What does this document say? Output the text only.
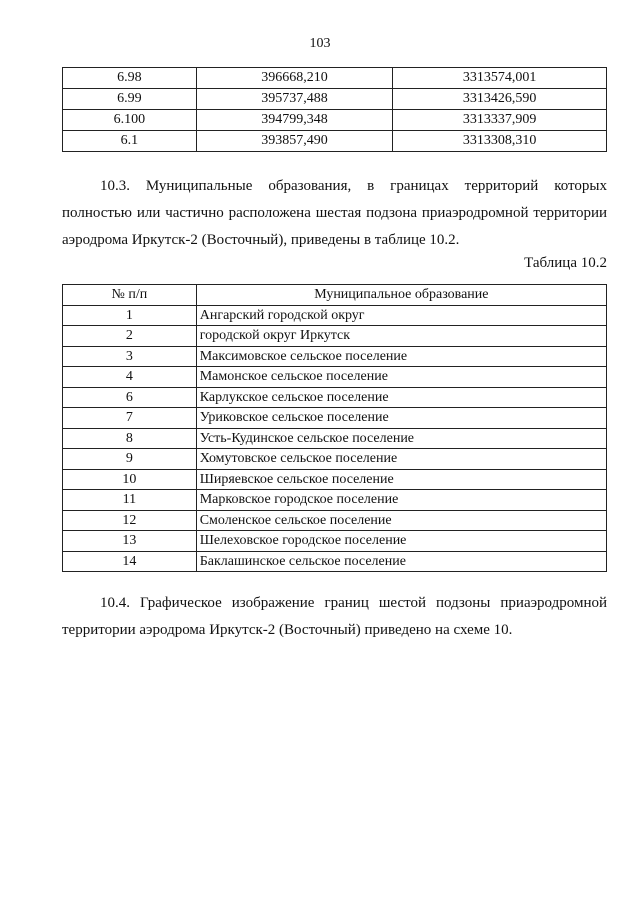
103
6.98	396668,210	3313574,001
6.99	395737,488	3313426,590
6.100	394799,348	3313337,909
6.1	393857,490	3313308,310

10.3. Муниципальные образования, в границах территорий которых полностью или частично расположена шестая подзона приаэродромной территории аэродрома Иркутск-2 (Восточный), приведены в таблице 10.2.

Таблица 10.2
№ п/п	Муниципальное образование
1	Ангарский городской округ
2	городской округ Иркутск
3	Максимовское сельское поселение
4	Мамонское сельское поселение
6	Карлукское сельское поселение
7	Уриковское сельское поселение
8	Усть-Кудинское сельское поселение
9	Хомутовское сельское поселение
10	Ширяевское сельское поселение
11	Марковское городское поселение
12	Смоленское сельское поселение
13	Шелеховское городское поселение
14	Баклашинское сельское поселение

10.4. Графическое изображение границ шестой подзоны приаэродромной территории аэродрома Иркутск-2 (Восточный) приведено на схеме 10.
